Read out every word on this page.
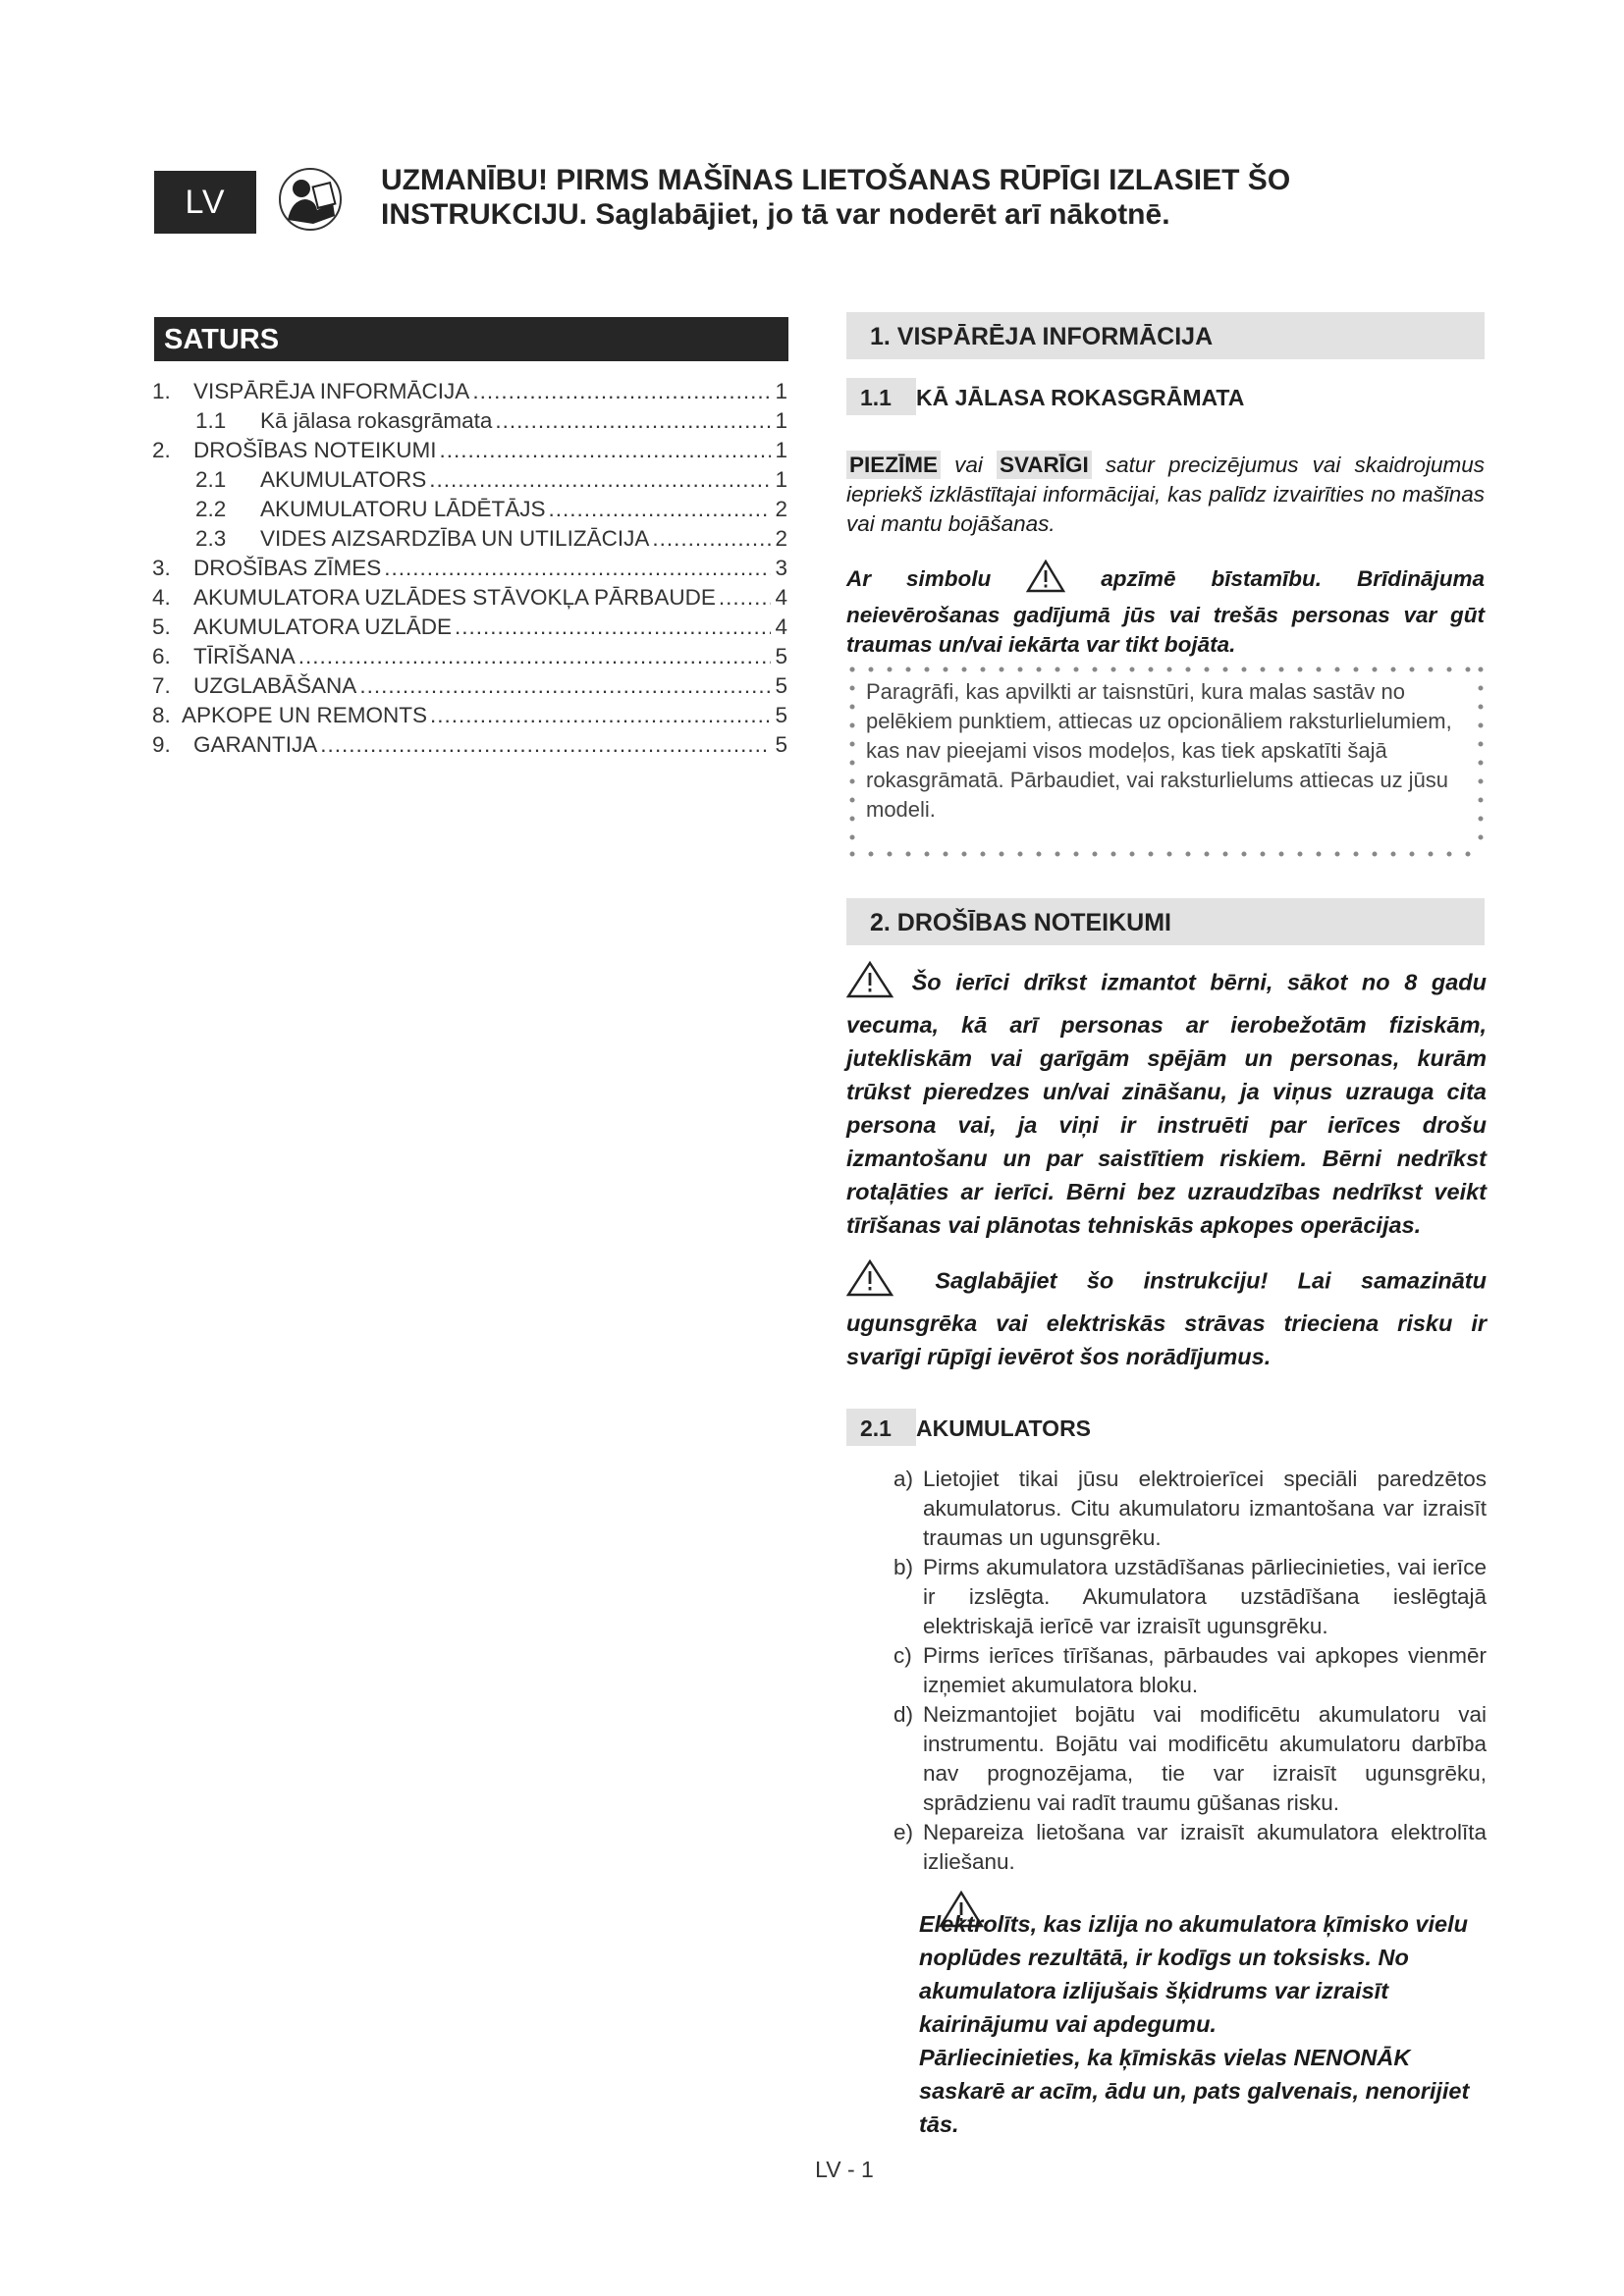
LV
UZMANĪBU! PIRMS MAŠĪNAS LIETOŠANAS RŪPĪGI IZLASIET ŠO
INSTRUKCIJU. Saglabājiet, jo tā var noderēt arī nākotnē.
SATURS
1.	VISPĀRĒJA INFORMĀCIJA .....	1
1.1	Kā jālasa rokasgrāmata .....	1
2.	DROŠĪBAS NOTEIKUMI .....	1
2.1	AKUMULATORS .....	1
2.2	AKUMULATORU LĀDĒTĀJS .....	2
2.3	VIDES AIZSARDZĪBA UN UTILIZĀCIJA .....	2
3.	DROŠĪBAS ZĪMES .....	3
4.	AKUMULATORA UZLĀDES STĀVOKĻA PĀRBAUDE .....	4
5.	AKUMULATORA UZLĀDE .....	4
6.	TĪRĪŠANA .....	5
7.	UZGLABĀŠANA .....	5
8. APKOPE UN REMONTS .....	5
9.	GARANTIJA .....	5
1. VISPĀRĒJA INFORMĀCIJA
1.1	KĀ JĀLASA ROKASGRĀMATA
PIEZĪME vai SVARĪGI satur precizējumus vai skaidrojumus iepriekš izklāstītajai informācijai, kas palīdz izvairīties no mašīnas vai mantu bojāšanas.
Ar simbolu  apzīmē bīstamību. Brīdinājuma neievērošanas gadījumā jūs vai trešās personas var gūt traumas un/vai iekārta var tikt bojāta.
Paragrāfi, kas apvilkti ar taisnstūri, kura malas sastāv no pelēkiem punktiem, attiecas uz opcionāliem raksturlielumiem, kas nav pieejami visos modeļos, kas tiek apskatīti šajā rokasgrāmatā. Pārbaudiet, vai raksturlielums attiecas uz jūsu modeli.
2. DROŠĪBAS NOTEIKUMI
Šo ierīci drīkst izmantot bērni, sākot no 8 gadu vecuma, kā arī personas ar ierobežotām fiziskām, jutekliskām vai garīgām spējām un personas, kurām trūkst pieredzes un/vai zināšanu, ja viņus uzrauga cita persona vai, ja viņi ir instruēti par ierīces drošu izmantošanu un par saistītiem riskiem. Bērni nedrīkst rotaļāties ar ierīci. Bērni bez uzraudzības nedrīkst veikt tīrīšanas vai plānotas tehniskās apkopes operācijas.
Saglabājiet šo instrukciju! Lai samazinātu ugunsgrēka vai elektriskās strāvas trieciena risku ir svarīgi rūpīgi ievērot šos norādījumus.
2.1	AKUMULATORS
a) Lietojiet tikai jūsu elektroierīcei speciāli paredzētos akumulatorus. Citu akumulatoru izmantošana var izraisīt traumas un ugunsgrēku.
b) Pirms akumulatora uzstādīšanas pārliecinieties, vai ierīce ir izslēgta. Akumulatora uzstādīšana ieslēgtajā elektriskajā ierīcē var izraisīt ugunsgrēku.
c) Pirms ierīces tīrīšanas, pārbaudes vai apkopes vienmēr izņemiet akumulatora bloku.
d) Neizmantojiet bojātu vai modificētu akumulatoru vai instrumentu. Bojātu vai modificētu akumulatoru darbība nav prognozējama, tie var izraisīt ugunsgrēku, sprādzienu vai radīt traumu gūšanas risku.
e) Nepareiza lietošana var izraisīt akumulatora elektrolīta izliešanu.
Elektrolīts, kas izlija no akumulatora ķīmisko vielu noplūdes rezultātā, ir kodīgs un toksisks. No akumulatora izlijušais šķidrums var izraisīt kairinājumu vai apdegumu.
Pārliecinieties, ka ķīmiskās vielas NENONĀK saskarē ar acīm, ādu un, pats galvenais, nenorijiet tās.
LV - 1
